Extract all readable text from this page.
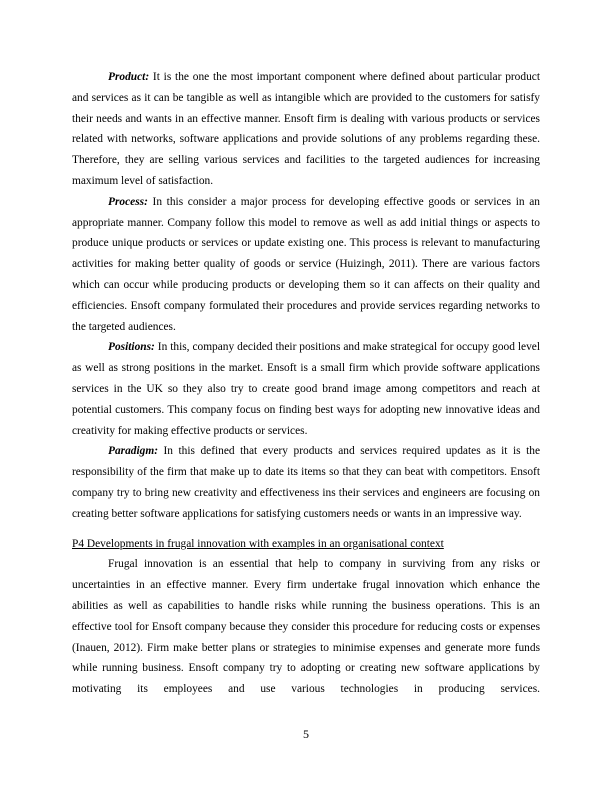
Product: It is the one the most important component where defined about particular product and services as it can be tangible as well as intangible which are provided to the customers for satisfy their needs and wants in an effective manner. Ensoft firm is dealing with various products or services related with networks, software applications and provide solutions of any problems regarding these. Therefore, they are selling various services and facilities to the targeted audiences for increasing maximum level of satisfaction.

Process: In this consider a major process for developing effective goods or services in an appropriate manner. Company follow this model to remove as well as add initial things or aspects to produce unique products or services or update existing one. This process is relevant to manufacturing activities for making better quality of goods or service (Huizingh, 2011). There are various factors which can occur while producing products or developing them so it can affects on their quality and efficiencies. Ensoft company formulated their procedures and provide services regarding networks to the targeted audiences.

Positions: In this, company decided their positions and make strategical for occupy good level as well as strong positions in the market. Ensoft is a small firm which provide software applications services in the UK so they also try to create good brand image among competitors and reach at potential customers. This company focus on finding best ways for adopting new innovative ideas and creativity for making effective products or services.

Paradigm: In this defined that every products and services required updates as it is the responsibility of the firm that make up to date its items so that they can beat with competitors. Ensoft company try to bring new creativity and effectiveness ins their services and engineers are focusing on creating better software applications for satisfying customers needs or wants in an impressive way.

P4 Developments in frugal innovation with examples in an organisational context

Frugal innovation is an essential that help to company in surviving from any risks or uncertainties in an effective manner. Every firm undertake frugal innovation which enhance the abilities as well as capabilities to handle risks while running the business operations. This is an effective tool for Ensoft company because they consider this procedure for reducing costs or expenses (Inauen, 2012). Firm make better plans or strategies to minimise expenses and generate more funds while running business. Ensoft company try to adopting or creating new software applications by motivating its employees and use various technologies in producing services.

5
